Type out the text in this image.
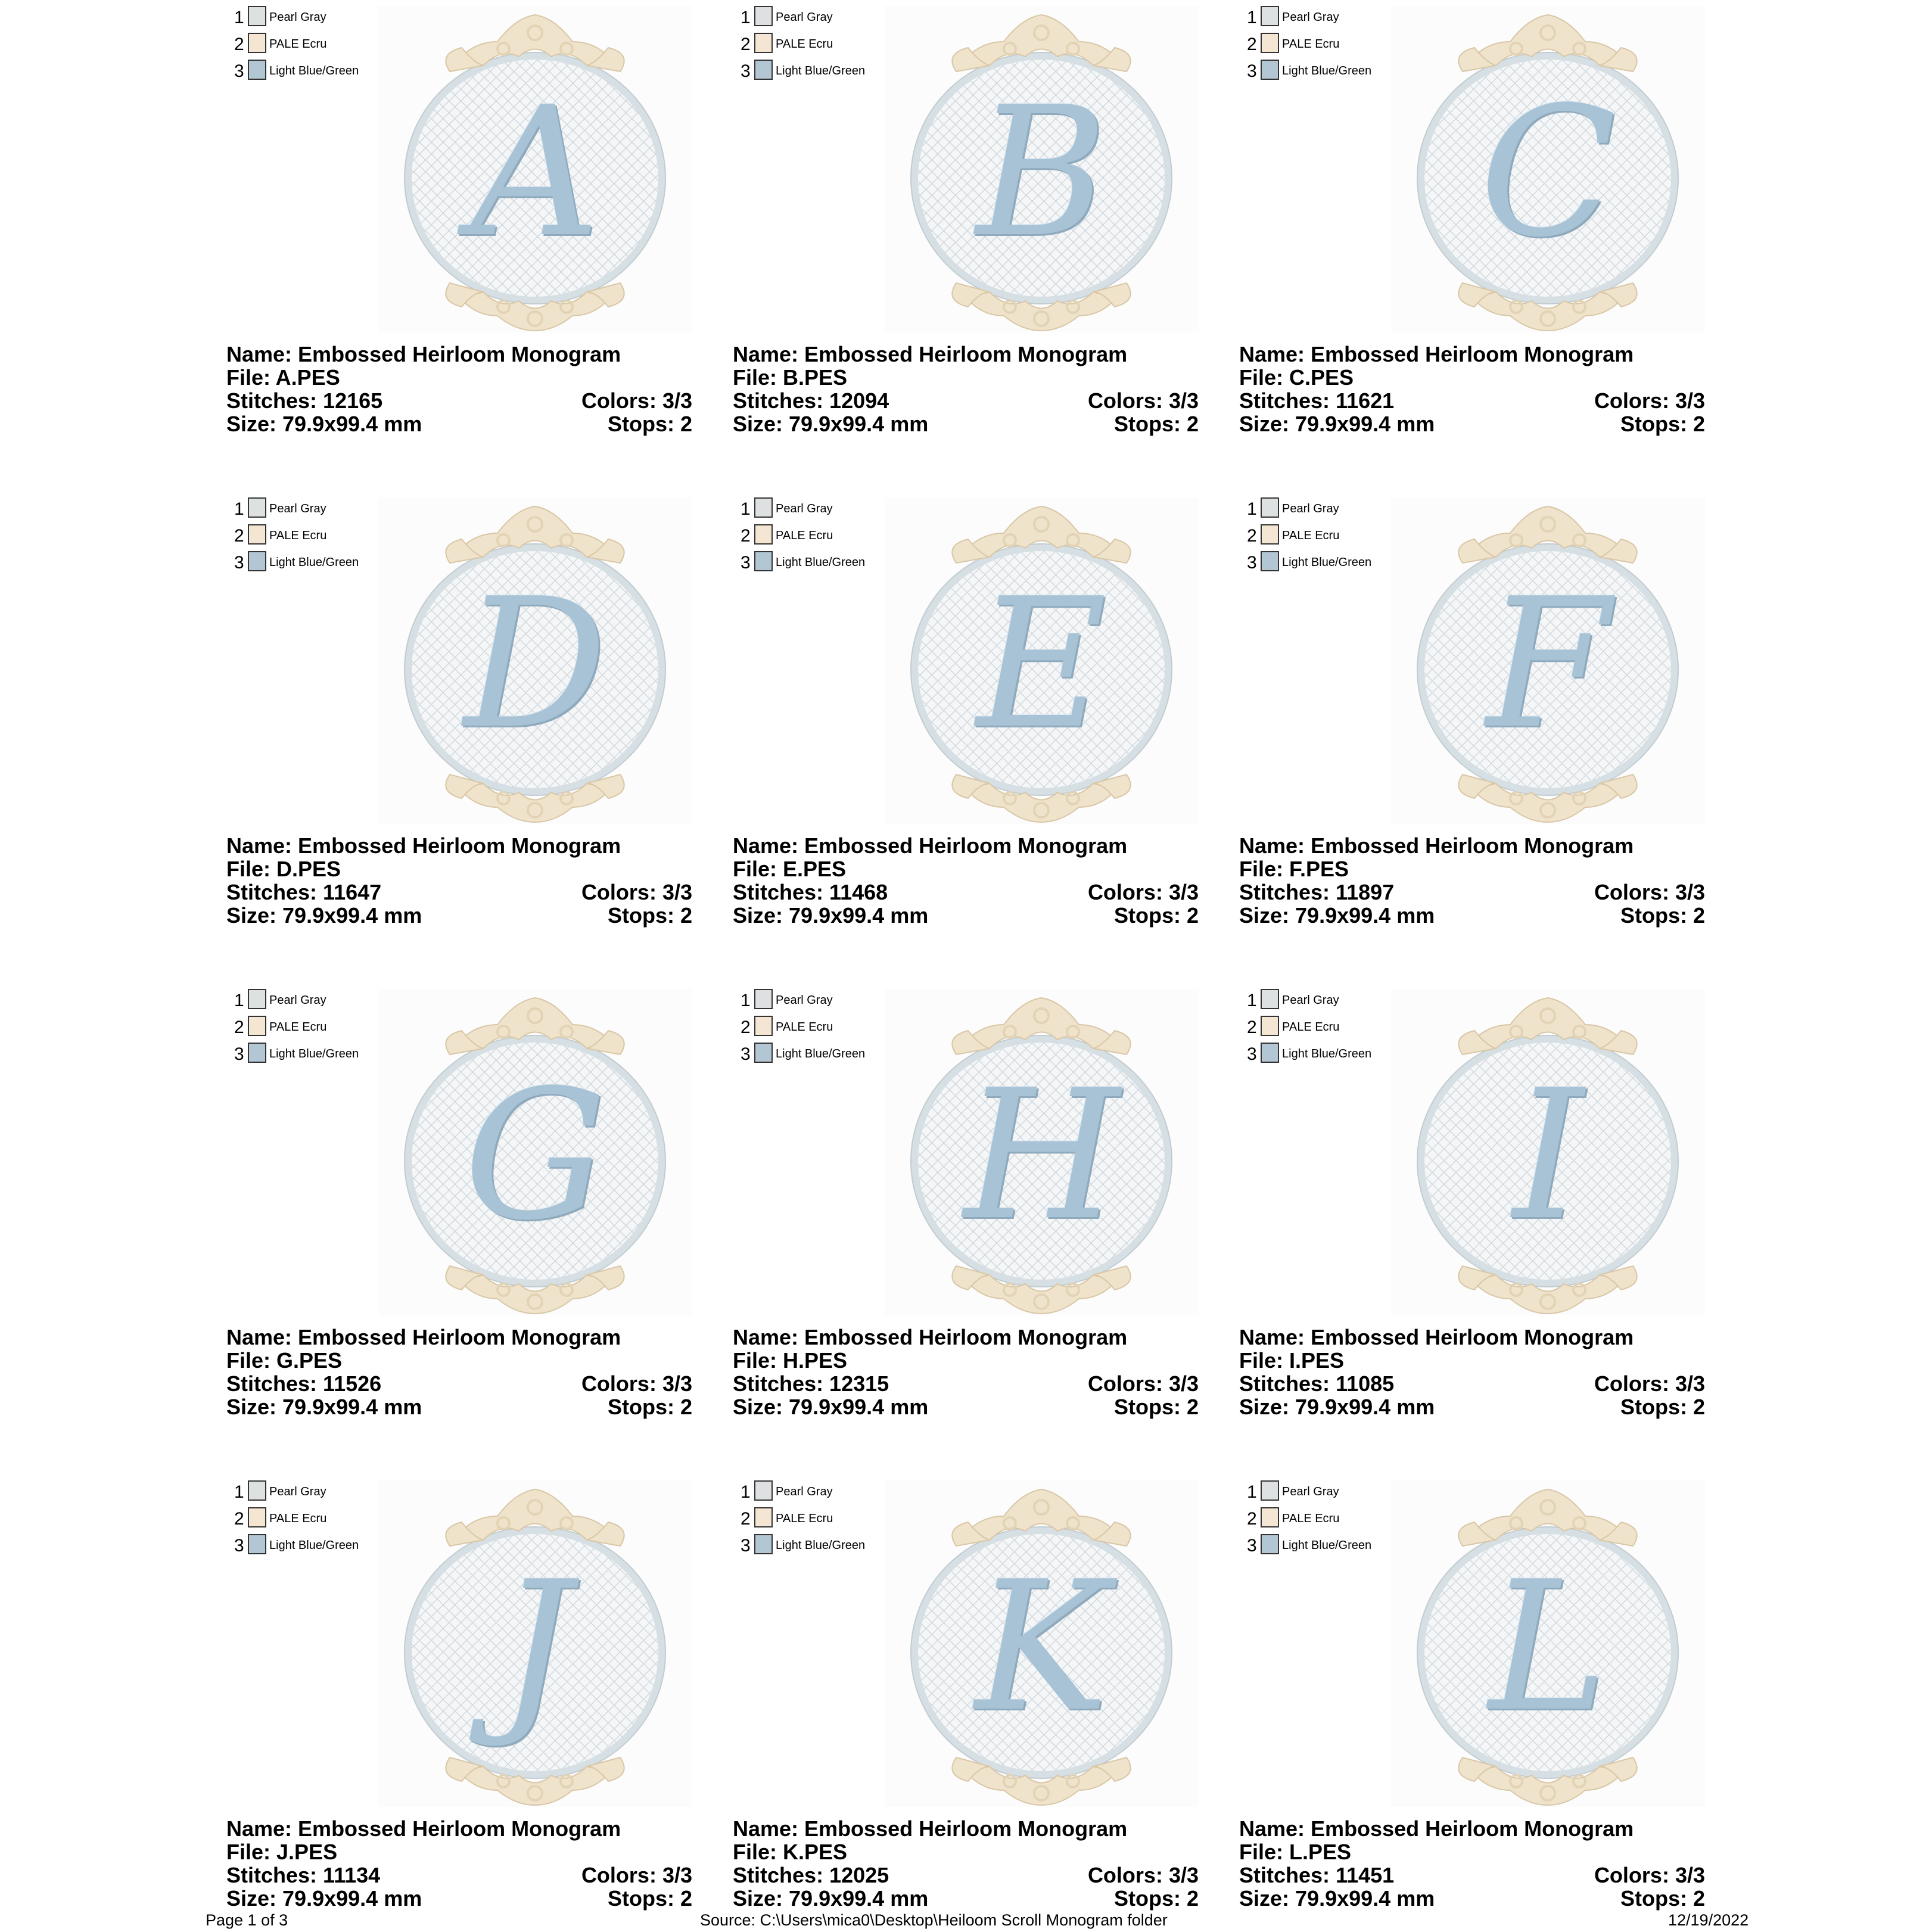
1 Pearl Gray
2 PALE Ecru
3 Light Blue/Green A
Name: Embossed Heirloom Monogram
File: A.PES
Stitches: 12165	Colors: 3/3
Size: 79.9x99.4 mm	Stops: 2
1 Pearl Gray
2 PALE Ecru
3 Light Blue/Green B
Name: Embossed Heirloom Monogram
File: B.PES
Stitches: 12094	Colors: 3/3
Size: 79.9x99.4 mm	Stops: 2
1 Pearl Gray
2 PALE Ecru
3 Light Blue/Green C
Name: Embossed Heirloom Monogram
File: C.PES
Stitches: 11621	Colors: 3/3
Size: 79.9x99.4 mm	Stops: 2
1 Pearl Gray
2 PALE Ecru
3 Light Blue/Green D
Name: Embossed Heirloom Monogram
File: D.PES
Stitches: 11647	Colors: 3/3
Size: 79.9x99.4 mm	Stops: 2
1 Pearl Gray
2 PALE Ecru
3 Light Blue/Green E
Name: Embossed Heirloom Monogram
File: E.PES
Stitches: 11468	Colors: 3/3
Size: 79.9x99.4 mm	Stops: 2
1 Pearl Gray
2 PALE Ecru
3 Light Blue/Green F
Name: Embossed Heirloom Monogram
File: F.PES
Stitches: 11897	Colors: 3/3
Size: 79.9x99.4 mm	Stops: 2
1 Pearl Gray
2 PALE Ecru
3 Light Blue/Green G
Name: Embossed Heirloom Monogram
File: G.PES
Stitches: 11526	Colors: 3/3
Size: 79.9x99.4 mm	Stops: 2
1 Pearl Gray
2 PALE Ecru
3 Light Blue/Green H
Name: Embossed Heirloom Monogram
File: H.PES
Stitches: 12315	Colors: 3/3
Size: 79.9x99.4 mm	Stops: 2
1 Pearl Gray
2 PALE Ecru
3 Light Blue/Green I
Name: Embossed Heirloom Monogram
File: I.PES
Stitches: 11085	Colors: 3/3
Size: 79.9x99.4 mm	Stops: 2
1 Pearl Gray
2 PALE Ecru
3 Light Blue/Green J
Name: Embossed Heirloom Monogram
File: J.PES
Stitches: 11134	Colors: 3/3
Size: 79.9x99.4 mm	Stops: 2
1 Pearl Gray
2 PALE Ecru
3 Light Blue/Green K
Name: Embossed Heirloom Monogram
File: K.PES
Stitches: 12025	Colors: 3/3
Size: 79.9x99.4 mm	Stops: 2
1 Pearl Gray
2 PALE Ecru
3 Light Blue/Green L
Name: Embossed Heirloom Monogram
File: L.PES
Stitches: 11451	Colors: 3/3
Size: 79.9x99.4 mm	Stops: 2
Page 1 of 3	Source: C:\Users\mica0\Desktop\Heiloom Scroll Monogram folder	12/19/2022
